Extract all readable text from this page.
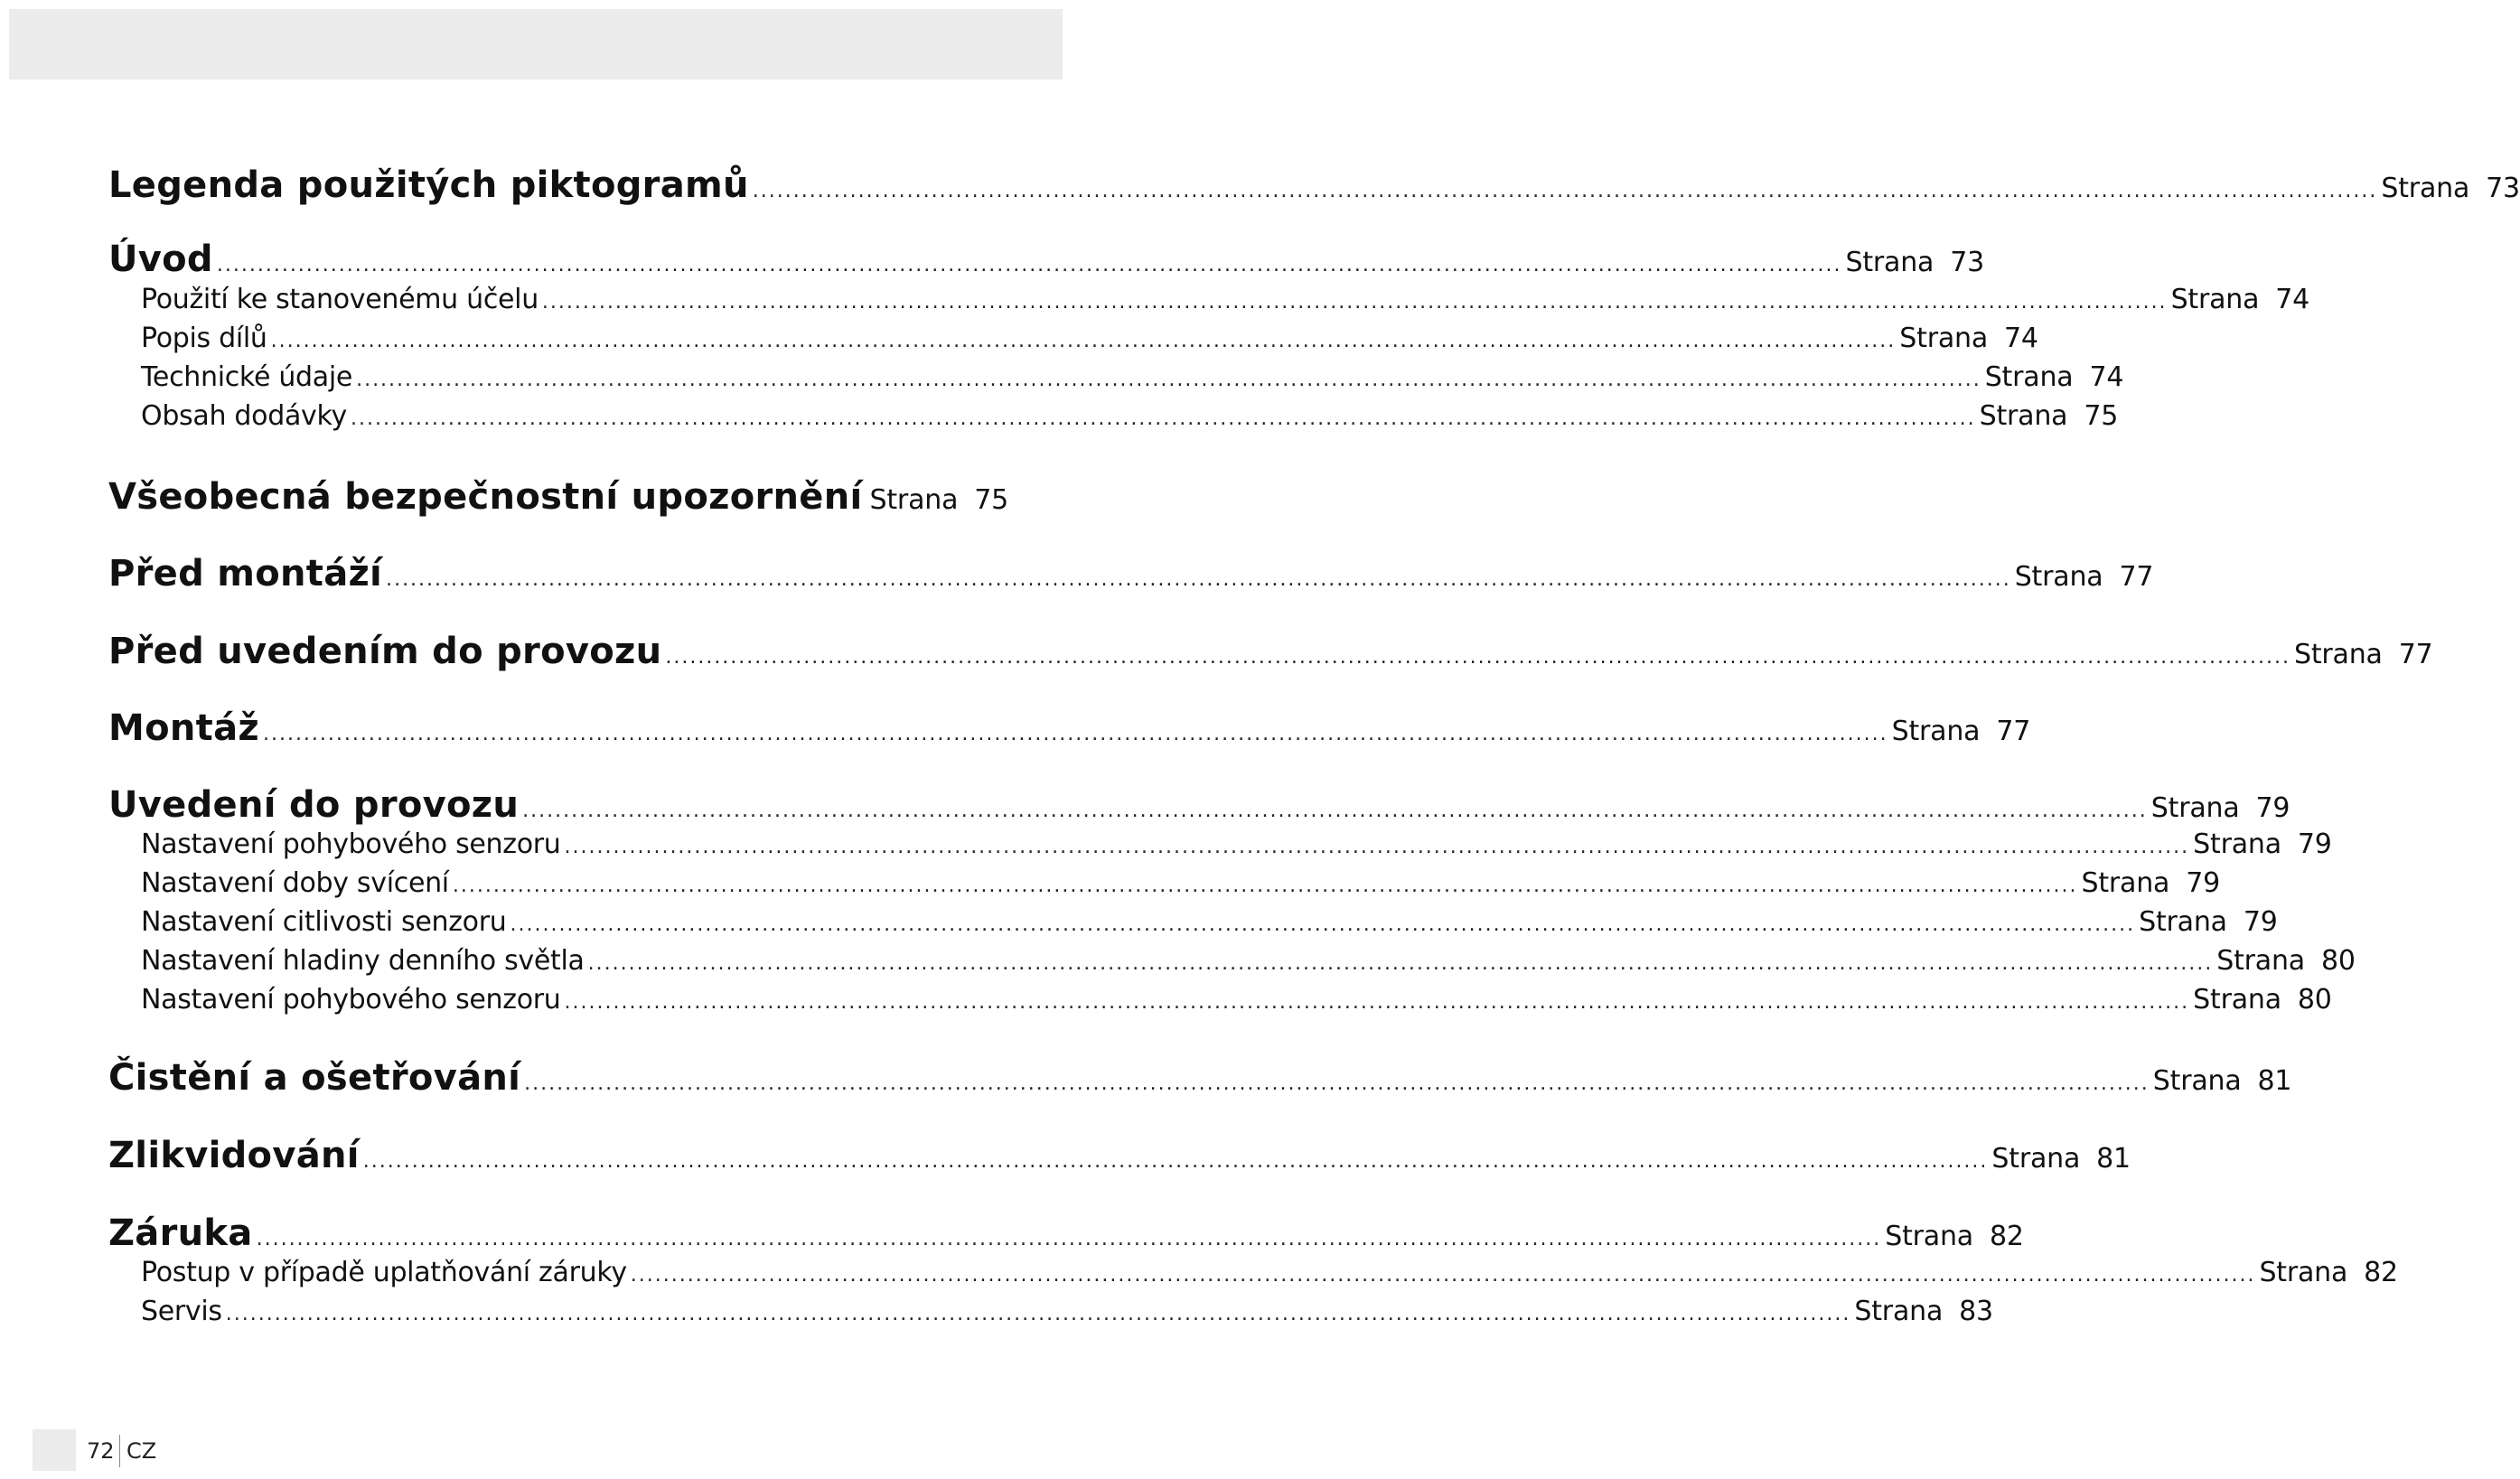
Legenda použitých piktogramů .....	Strana 73
Úvod .....	Strana 73
Použití ke stanovenému účelu .....	Strana 74
Popis dílů .....	Strana 74
Technické údaje .....	Strana 74
Obsah dodávky .....	Strana 75
Všeobecná bezpečnostní upozornění Strana 75
Před montáží .....	Strana 77
Před uvedením do provozu .....	Strana 77
Montáž .....	Strana 77
Uvedení do provozu .....	Strana 79
Nastavení pohybového senzoru .....	Strana 79
Nastavení doby svícení .....	Strana 79
Nastavení citlivosti senzoru .....	Strana 79
Nastavení hladiny denního světla .....	Strana 80
Nastavení pohybového senzoru .....	Strana 80
Čistění a ošetřování .....	Strana 81
Zlikvidování .....	Strana 81
Záruka .....	Strana 82
Postup v případě uplatňování záruky .....	Strana 82
Servis .....	Strana 83
72 CZ
